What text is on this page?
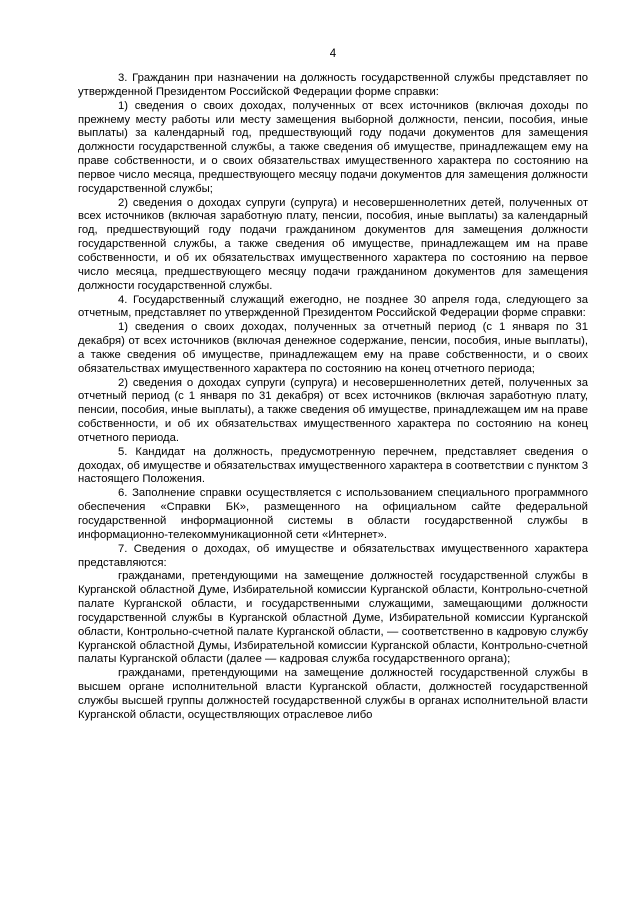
4

3. Гражданин при назначении на должность государственной службы представляет по утвержденной Президентом Российской Федерации форме справки:

1) сведения о своих доходах, полученных от всех источников (включая доходы по прежнему месту работы или месту замещения выборной должности, пенсии, пособия, иные выплаты) за календарный год, предшествующий году подачи документов для замещения должности государственной службы, а также сведения об имуществе, принадлежащем ему на праве собственности, и о своих обязательствах имущественного характера по состоянию на первое число месяца, предшествующего месяцу подачи документов для замещения должности государственной службы;

2) сведения о доходах супруги (супруга) и несовершеннолетних детей, полученных от всех источников (включая заработную плату, пенсии, пособия, иные выплаты) за календарный год, предшествующий году подачи гражданином документов для замещения должности государственной службы, а также сведения об имуществе, принадлежащем им на праве собственности, и об их обязательствах имущественного характера по состоянию на первое число месяца, предшествующего месяцу подачи гражданином документов для замещения должности государственной службы.

4. Государственный служащий ежегодно, не позднее 30 апреля года, следующего за отчетным, представляет по утвержденной Президентом Российской Федерации форме справки:

1) сведения о своих доходах, полученных за отчетный период (с 1 января по 31 декабря) от всех источников (включая денежное содержание, пенсии, пособия, иные выплаты), а также сведения об имуществе, принадлежащем ему на праве собственности, и о своих обязательствах имущественного характера по состоянию на конец отчетного периода;

2) сведения о доходах супруги (супруга) и несовершеннолетних детей, полученных за отчетный период (с 1 января по 31 декабря) от всех источников (включая заработную плату, пенсии, пособия, иные выплаты), а также сведения об имуществе, принадлежащем им на праве собственности, и об их обязательствах имущественного характера по состоянию на конец отчетного периода.

5. Кандидат на должность, предусмотренную перечнем, представляет сведения о доходах, об имуществе и обязательствах имущественного характера в соответствии с пунктом 3 настоящего Положения.

6. Заполнение справки осуществляется с использованием специального программного обеспечения «Справки БК», размещенного на официальном сайте федеральной государственной информационной системы в области государственной службы в информационно-телекоммуникационной сети «Интернет».

7. Сведения о доходах, об имуществе и обязательствах имущественного характера представляются:

гражданами, претендующими на замещение должностей государственной службы в Курганской областной Думе, Избирательной комиссии Курганской области, Контрольно-счетной палате Курганской области, и государственными служащими, замещающими должности государственной службы в Курганской областной Думе, Избирательной комиссии Курганской области, Контрольно-счетной палате Курганской области, — соответственно в кадровую службу Курганской областной Думы, Избирательной комиссии Курганской области, Контрольно-счетной палаты Курганской области (далее — кадровая служба государственного органа);

гражданами, претендующими на замещение должностей государственной службы в высшем органе исполнительной власти Курганской области, должностей государственной службы высшей группы должностей государственной службы в органах исполнительной власти Курганской области, осуществляющих отраслевое либо
